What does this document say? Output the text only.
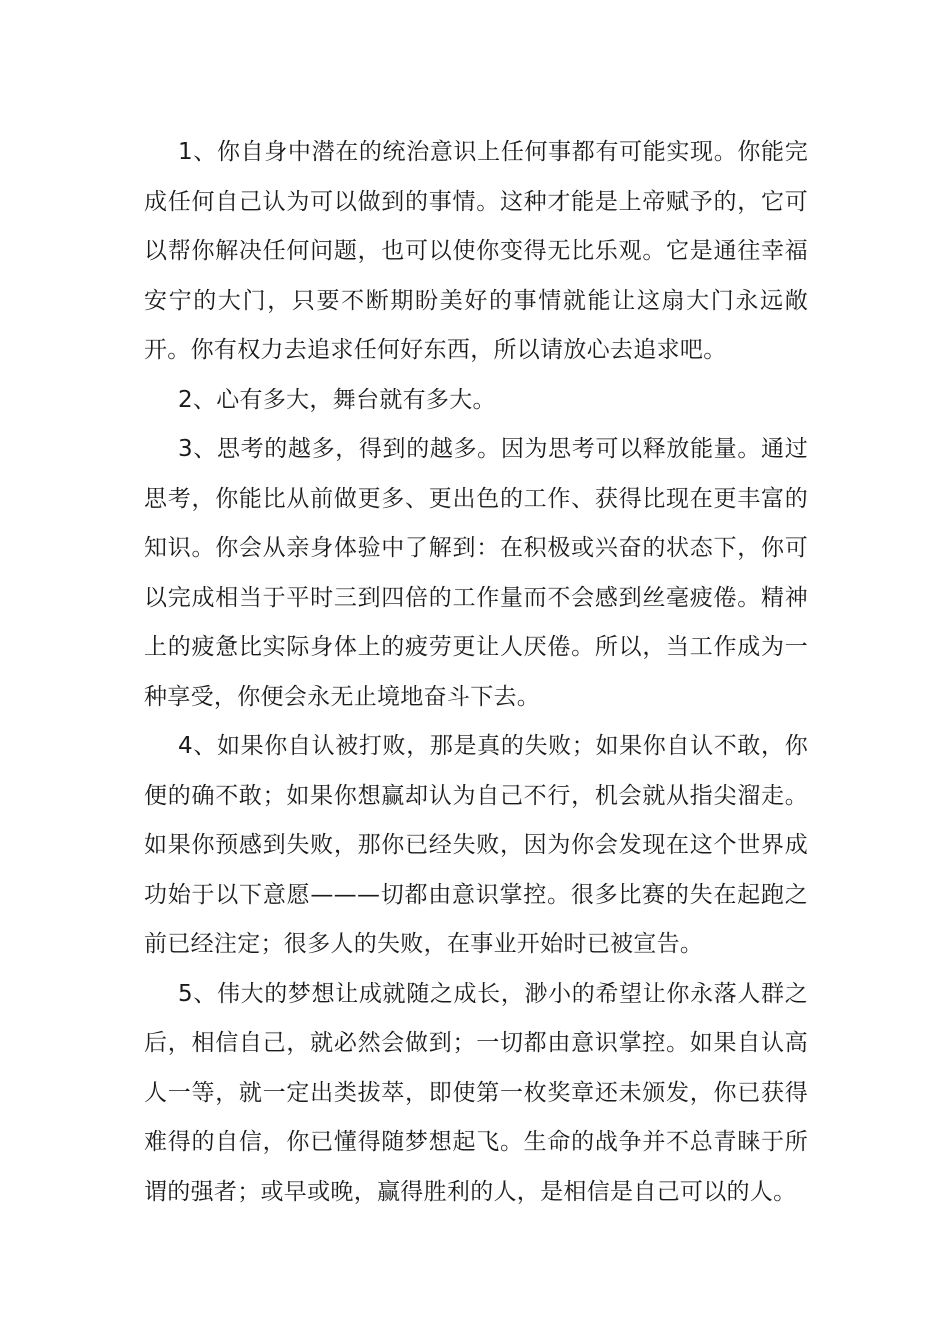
1、你自身中潜在的统治意识上任何事都有可能实现。你能完成任何自己认为可以做到的事情。这种才能是上帝赋予的，它可以帮你解决任何问题，也可以使你变得无比乐观。它是通往幸福安宁的大门，只要不断期盼美好的事情就能让这扇大门永远敞开。你有权力去追求任何好东西，所以请放心去追求吧。

2、心有多大，舞台就有多大。

3、思考的越多，得到的越多。因为思考可以释放能量。通过思考，你能比从前做更多、更出色的工作、获得比现在更丰富的知识。你会从亲身体验中了解到：在积极或兴奋的状态下，你可以完成相当于平时三到四倍的工作量而不会感到丝毫疲倦。精神上的疲惫比实际身体上的疲劳更让人厌倦。所以，当工作成为一种享受，你便会永无止境地奋斗下去。

4、如果你自认被打败，那是真的失败；如果你自认不敢，你便的确不敢；如果你想赢却认为自己不行，机会就从指尖溜走。如果你预感到失败，那你已经失败，因为你会发现在这个世界成功始于以下意愿———切都由意识掌控。很多比赛的失在起跑之前已经注定；很多人的失败，在事业开始时已被宣告。

5、伟大的梦想让成就随之成长，渺小的希望让你永落人群之后，相信自己，就必然会做到；一切都由意识掌控。如果自认高人一等，就一定出类拔萃，即使第一枚奖章还未颁发，你已获得难得的自信，你已懂得随梦想起飞。生命的战争并不总青睐于所谓的强者；或早或晚，赢得胜利的人，是相信是自己可以的人。
